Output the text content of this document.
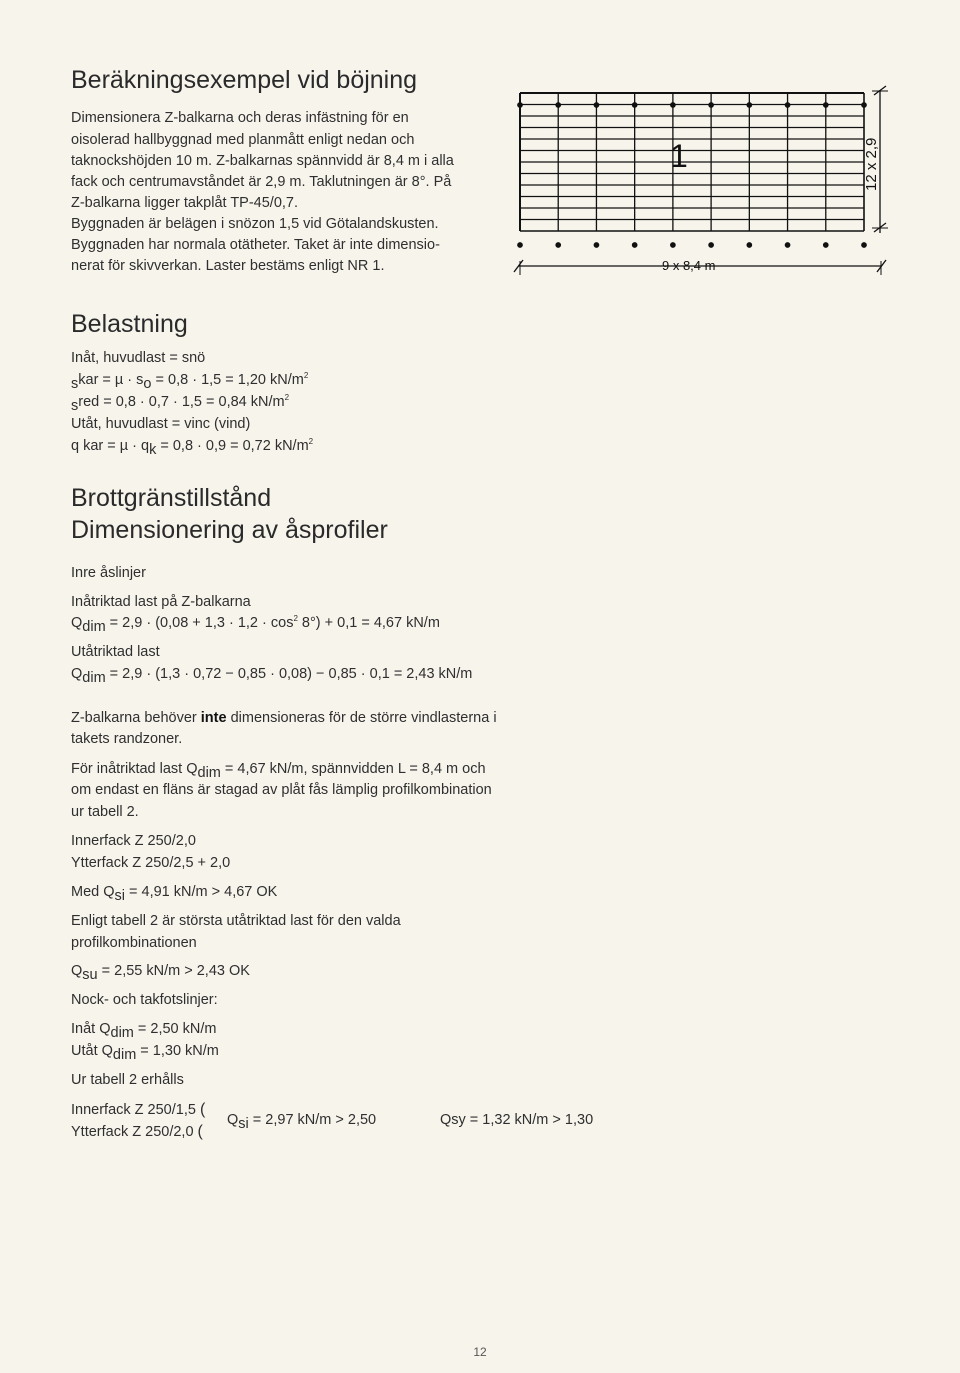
Beräkningsexempel vid böjning
Dimensionera Z-balkarna och deras infästning för en
oisolerad hallbyggnad med planmått enligt nedan och
taknockshöjden 10 m. Z-balkarnas spännvidd är 8,4 m i alla
fack och centrumavståndet är 2,9 m. Taklutningen är 8°. På
Z-balkarna ligger takplåt TP-45/0,7.
Byggnaden är belägen i snözon 1,5 vid Götalandskusten.
Byggnaden har normala otätheter. Taket är inte dimensio-
nerat för skivverkan. Laster bestäms enligt NR 1.	9 x 8,4 m
12 x 2,9
1
Belastning
Inåt, huvudlast = snö
$_skar = \mu \cdot s_o = 0,8 \cdot 1,5 = 1,20$ $kN/m^2$
$_s$red = 0,8 · 0,7 · 1,5 = 0,84 $kN/m^2$
Utåt, huvudlast = vinc (vind)
q kar = $\mu \cdot q_k = 0,8 \cdot 0,9 = 0,72$ $kN/m^2$
Brottgränstillstånd
Dimensionering av åsprofiler
Inre åslinjer
Inåtriktad last på Z-balkarna
$Q_{dim} = 2,9 \cdot (0,08 + 1,3 \cdot 1,2 \cdot \cos^2 8^\circ) + 0,1 = 4,67$ kN/m
Utåtriktad last
$Q_{dim} = 2,9 \cdot (1,3 \cdot 0,72 - 0,85 \cdot 0,08) - 0,85 \cdot 0,1 = 2,43$ kN/m
Z-balkarna behöver inte dimensioneras för de större vindlasterna i
takets randzoner.
För inåtriktad last $Q_{dim} = 4,67$ kN/m, spännvidden L = 8,4 m och
om endast en fläns är stagad av plåt fås lämplig profilkombination
ur tabell 2.
Innerfack Z 250/2,0
Ytterfack Z 250/2,5 + 2,0
Med $Q_{si} = 4,91$ kN/m > 4,67 OK
Enligt tabell 2 är största utåtriktad last för den valda
profilkombinationen
$Q_{su} = 2,55$ kN/m > 2,43 OK
Nock- och takfotslinjer:
Inåt $Q_{dim} = 2,50$ kN/m
Utåt $Q_{dim} = 1,30$ kN/m
Ur tabell 2 erhålls
Innerfack Z 250/1,5 (
Ytterfack Z 250/2,0 (
$Q_{si} = 2,97$ kN/m > 2,50	Qsy = 1,32 kN/m > 1,30
12
